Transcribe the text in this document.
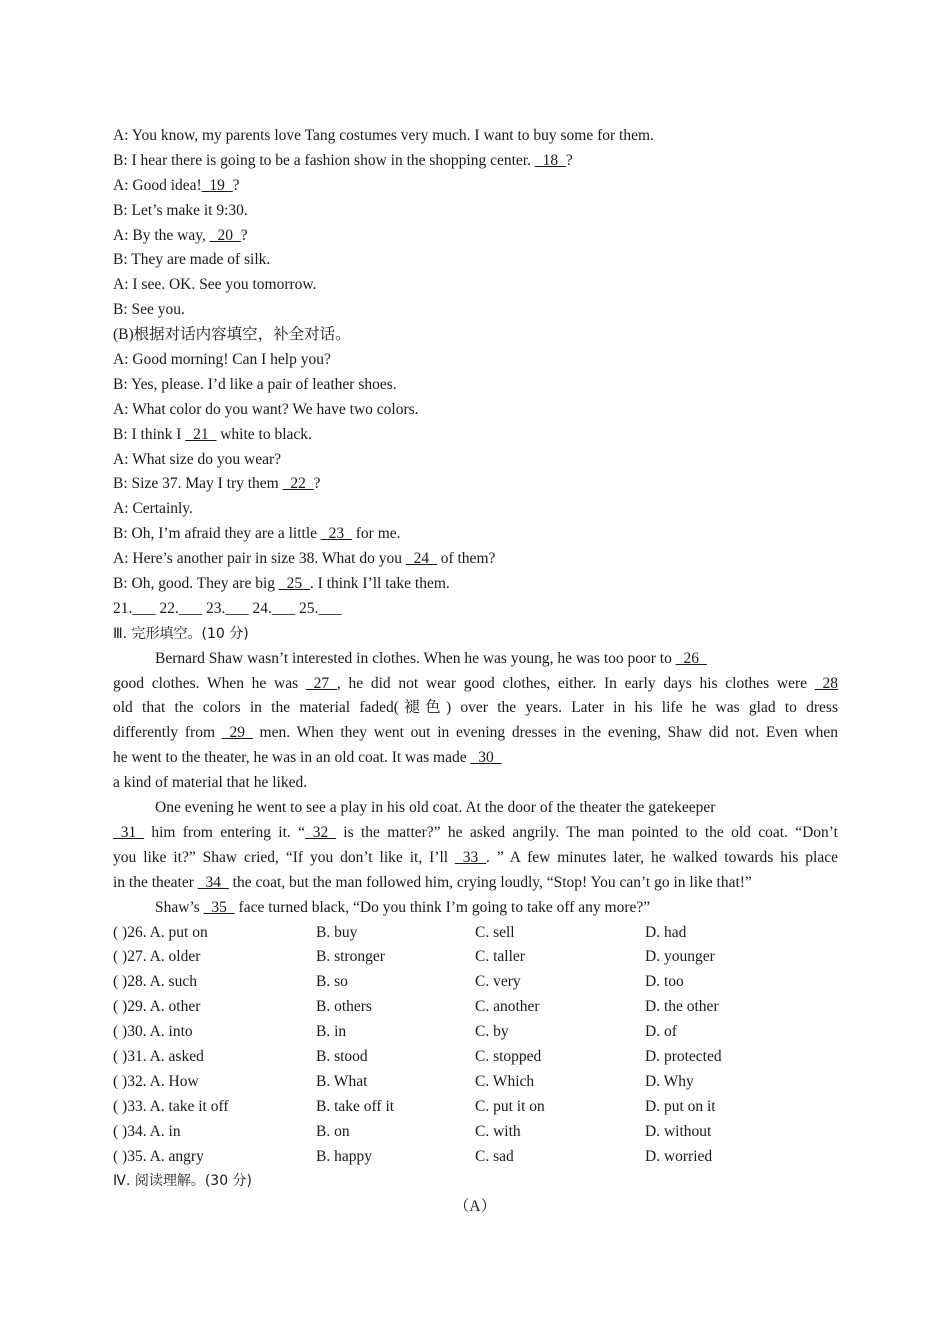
A: You know, my parents love Tang costumes very much. I want to buy some for them.
B: I hear there is going to be a fashion show in the shopping center. _18_?
A: Good idea!_19_?
B: Let’s make it 9:30.
A: By the way, _20_?
B: They are made of silk.
A: I see. OK. See you tomorrow.
B: See you.
(B)根据对话内容填空，补全对话。
A: Good morning! Can I help you?
B: Yes, please. I’d like a pair of leather shoes.
A: What color do you want? We have two colors.
B: I think I _21_ white to black.
A: What size do you wear?
B: Size 37. May I try them _22_?
A: Certainly.
B: Oh, I’m afraid they are a little _23_ for me.
A: Here’s another pair in size 38. What do you _24_ of them?
B: Oh, good. They are big _25_. I think I’ll take them.
21.___ 22.___ 23.___ 24.___ 25.___
Ⅲ. 完形填空。(10 分)
Bernard Shaw wasn’t interested in clothes. When he was young, he was too poor to _26_
good clothes. When he was _27_, he did not wear good clothes, either. In early days his clothes were _28
old that the colors in the material faded(褪色) over the years. Later in his life he was glad to dress
differently from _29_ men. When they went out in evening dresses in the evening, Shaw did not. Even when
he went to the theater, he was in an old coat. It was made _30_
a kind of material that he liked.
One evening he went to see a play in his old coat. At the door of the theater the gatekeeper
_31_ him from entering it. “_32_ is the matter?” he asked angrily. The man pointed to the old coat. “Don’t
you like it?” Shaw cried, “If you don’t like it, I’ll _33_. ” A few minutes later, he walked towards his place
in the theater _34_ the coat, but the man followed him, crying loudly, “Stop! You can’t go in like that!”
Shaw’s _35_ face turned black, “Do you think I’m going to take off any more?”
( )26. A. put on	B. buy	C. sell	D. had
( )27. A. older	B. stronger	C. taller	D. younger
( )28. A. such	B. so	C. very	D. too
( )29. A. other	B. others	C. another	D. the other
( )30. A. into	B. in	C. by	D. of
( )31. A. asked	B. stood	C. stopped	D. protected
( )32. A. How	B. What	C. Which	D. Why
( )33. A. take it off	B. take off it	C. put it on	D. put on it
( )34. A. in	B. on	C. with	D. without
( )35. A. angry	B. happy	C. sad	D. worried
Ⅳ. 阅读理解。(30 分)
（A）
